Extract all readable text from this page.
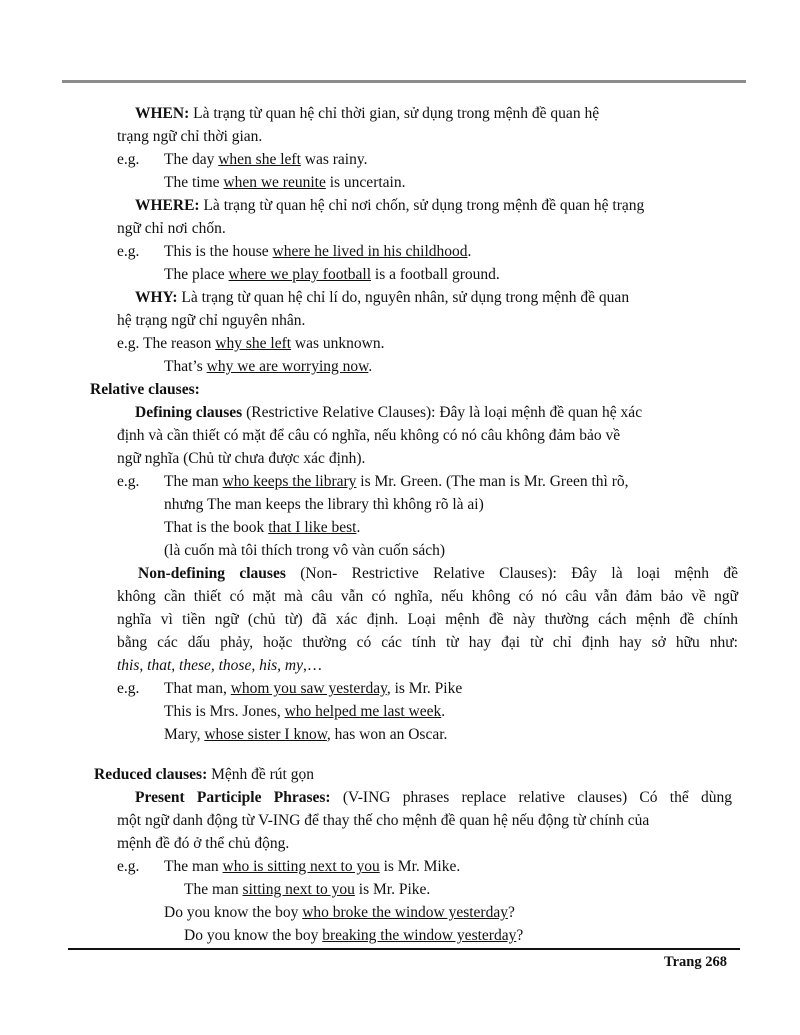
WHEN: Là trạng từ quan hệ chỉ thời gian, sử dụng trong mệnh đề quan hệ
trạng ngữ chỉ thời gian.
e.g. The day when she left was rainy.
The time when we reunite is uncertain.
WHERE: Là trạng từ quan hệ chỉ nơi chốn, sử dụng trong mệnh đề quan hệ trạng
ngữ chỉ nơi chốn.
e.g. This is the house where he lived in his childhood.
The place where we play football is a football ground.
WHY: Là trạng từ quan hệ chỉ lí do, nguyên nhân, sử dụng trong mệnh đề quan
hệ trạng ngữ chỉ nguyên nhân.
e.g. The reason why she left was unknown.
That’s why we are worrying now.
Relative clauses:
Defining clauses (Restrictive Relative Clauses): Đây là loại mệnh đề quan hệ xác
định và cần thiết có mặt để câu có nghĩa, nếu không có nó câu không đảm bảo về
ngữ nghĩa (Chủ từ chưa được xác định).
e.g. The man who keeps the library is Mr. Green. (The man is Mr. Green thì rõ,
nhưng The man keeps the library thì không rõ là ai)
That is the book that I like best.
(là cuốn mà tôi thích trong vô vàn cuốn sách)
Non-defining clauses (Non- Restrictive Relative Clauses): Đây là loại mệnh đề
không cần thiết có mặt mà câu vẫn có nghĩa, nếu không có nó câu vẫn đảm bảo về ngữ
nghĩa vì tiền ngữ (chủ từ) đã xác định. Loại mệnh đề này thường cách mệnh đề chính
bằng các dấu phảy, hoặc thường có các tính từ hay đại từ chỉ định hay sở hữu như:
this, that, these, those, his, my,…
e.g. That man, whom you saw yesterday, is Mr. Pike
This is Mrs. Jones, who helped me last week.
Mary, whose sister I know, has won an Oscar.
Reduced clauses: Mệnh đề rút gọn
Present Participle Phrases: (V-ING phrases replace relative clauses) Có thể dùng
một ngữ danh động từ V-ING để thay thế cho mệnh đề quan hệ nếu động từ chính của
mệnh đề đó ở thể chủ động.
e.g. The man who is sitting next to you is Mr. Mike.
The man sitting next to you is Mr. Pike.
Do you know the boy who broke the window yesterday?
Do you know the boy breaking the window yesterday?
Trang 268
